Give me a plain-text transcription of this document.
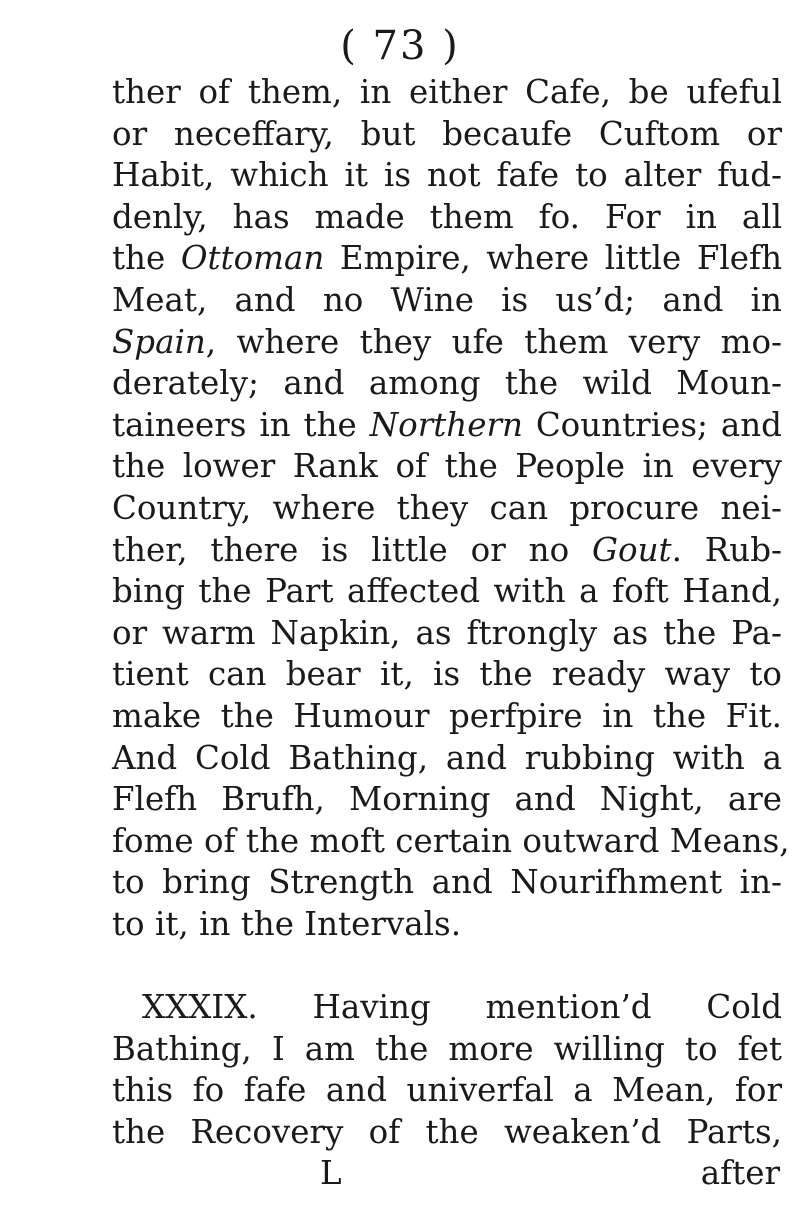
( 73 )
ther of them, in either Cafe, be ufeful
or neceffary, but becaufe Cuftom or
Habit, which it is not fafe to alter fud-
denly, has made them fo. For in all
the Ottoman Empire, where little Flefh
Meat, and no Wine is us’d; and in
Spain, where they ufe them very mo-
derately; and among the wild Moun-
taineers in the Northern Countries; and
the lower Rank of the People in every
Country, where they can procure nei-
ther, there is little or no Gout. Rub-
bing the Part affected with a foft Hand,
or warm Napkin, as ftrongly as the Pa-
tient can bear it, is the ready way to
make the Humour perfpire in the Fit.
And Cold Bathing, and rubbing with a
Flefh Brufh, Morning and Night, are
fome of the moft certain outward Means,
to bring Strength and Nourifhment in-
to it, in the Intervals.
XXXIX. Having mention’d Cold
Bathing, I am the more willing to fet
this fo fafe and univerfal a Mean, for
the Recovery of the weaken’d Parts,
L	after
